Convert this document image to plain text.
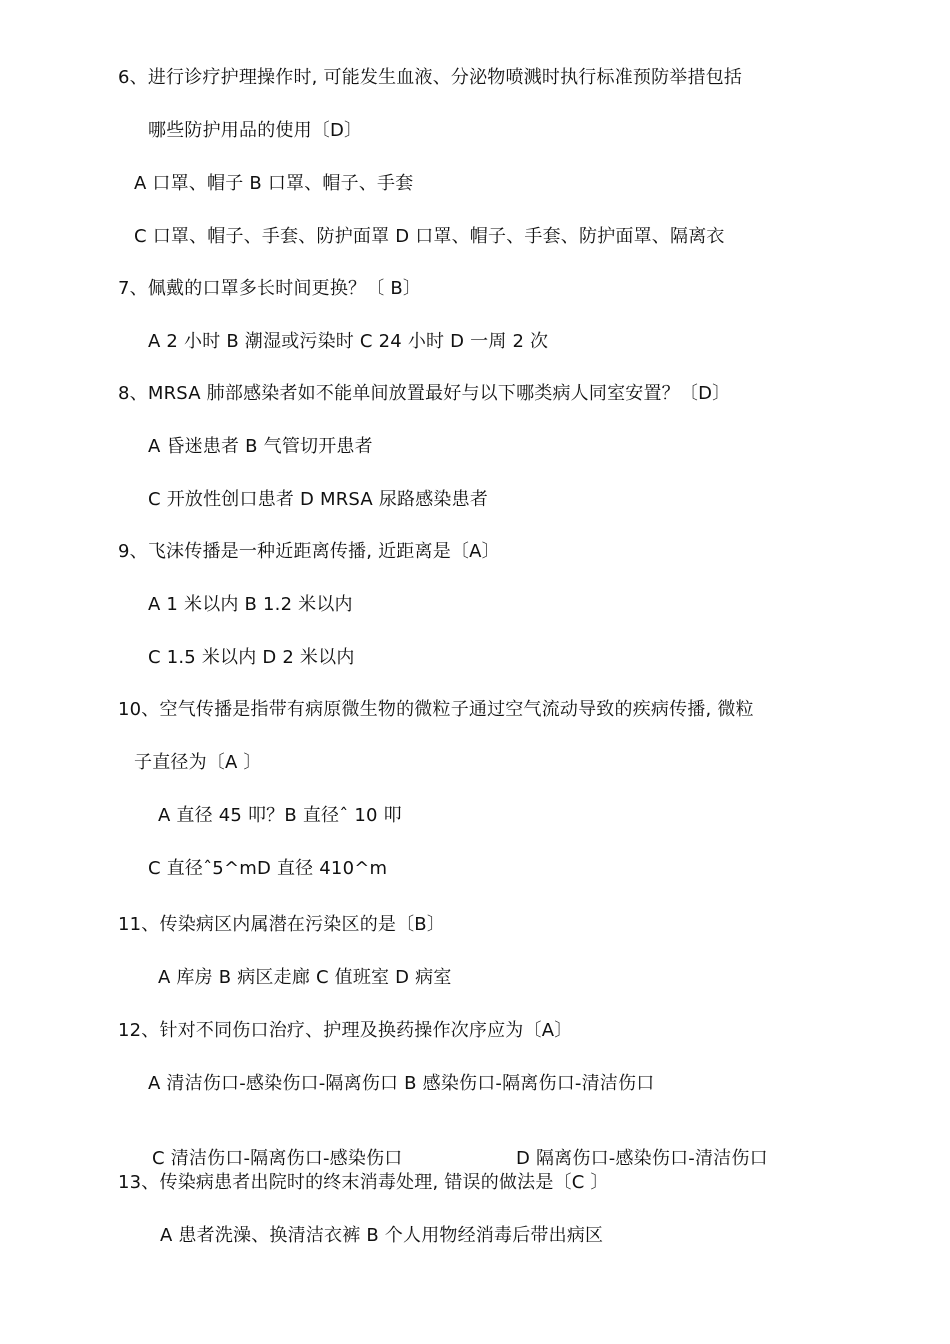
6、进行诊疗护理操作时, 可能发生血液、分泌物喷溅时执行标准预防举措包括
哪些防护用品的使用〔D〕
A 口罩、帽子 B 口罩、帽子、手套
C 口罩、帽子、手套、防护面罩 D 口罩、帽子、手套、防护面罩、隔离衣
7、佩戴的口罩多长时间更换？〔 B〕
A 2 小时 B 潮湿或污染时 C 24 小时 D 一周 2 次
8、MRSA 肺部感染者如不能单间放置最好与以下哪类病人同室安置？〔D〕
A 昏迷患者 B 气管切开患者
C 开放性创口患者 D MRSA 尿路感染患者
9、飞沫传播是一种近距离传播, 近距离是〔A〕
A 1 米以内 B 1.2 米以内
C 1.5 米以内 D 2 米以内
10、空气传播是指带有病原微生物的微粒子通过空气流动导致的疾病传播, 微粒
子直径为〔A 〕
A 直径 45 叩？B 直径ˆ 10 叩
C 直径ˆ5^mD 直径 410^m
11、传染病区内属潜在污染区的是〔B〕
A 库房 B 病区走廊 C 值班室 D 病室
12、针对不同伤口治疗、护理及换药操作次序应为〔A〕
A 清洁伤口-感染伤口-隔离伤口 B 感染伤口-隔离伤口-清洁伤口
C 清洁伤口-隔离伤口-感染伤口	D 隔离伤口-感染伤口-清洁伤口
13、传染病患者出院时的终末消毒处理, 错误的做法是〔C 〕
A 患者洗澡、换清洁衣裤 B 个人用物经消毒后带出病区
